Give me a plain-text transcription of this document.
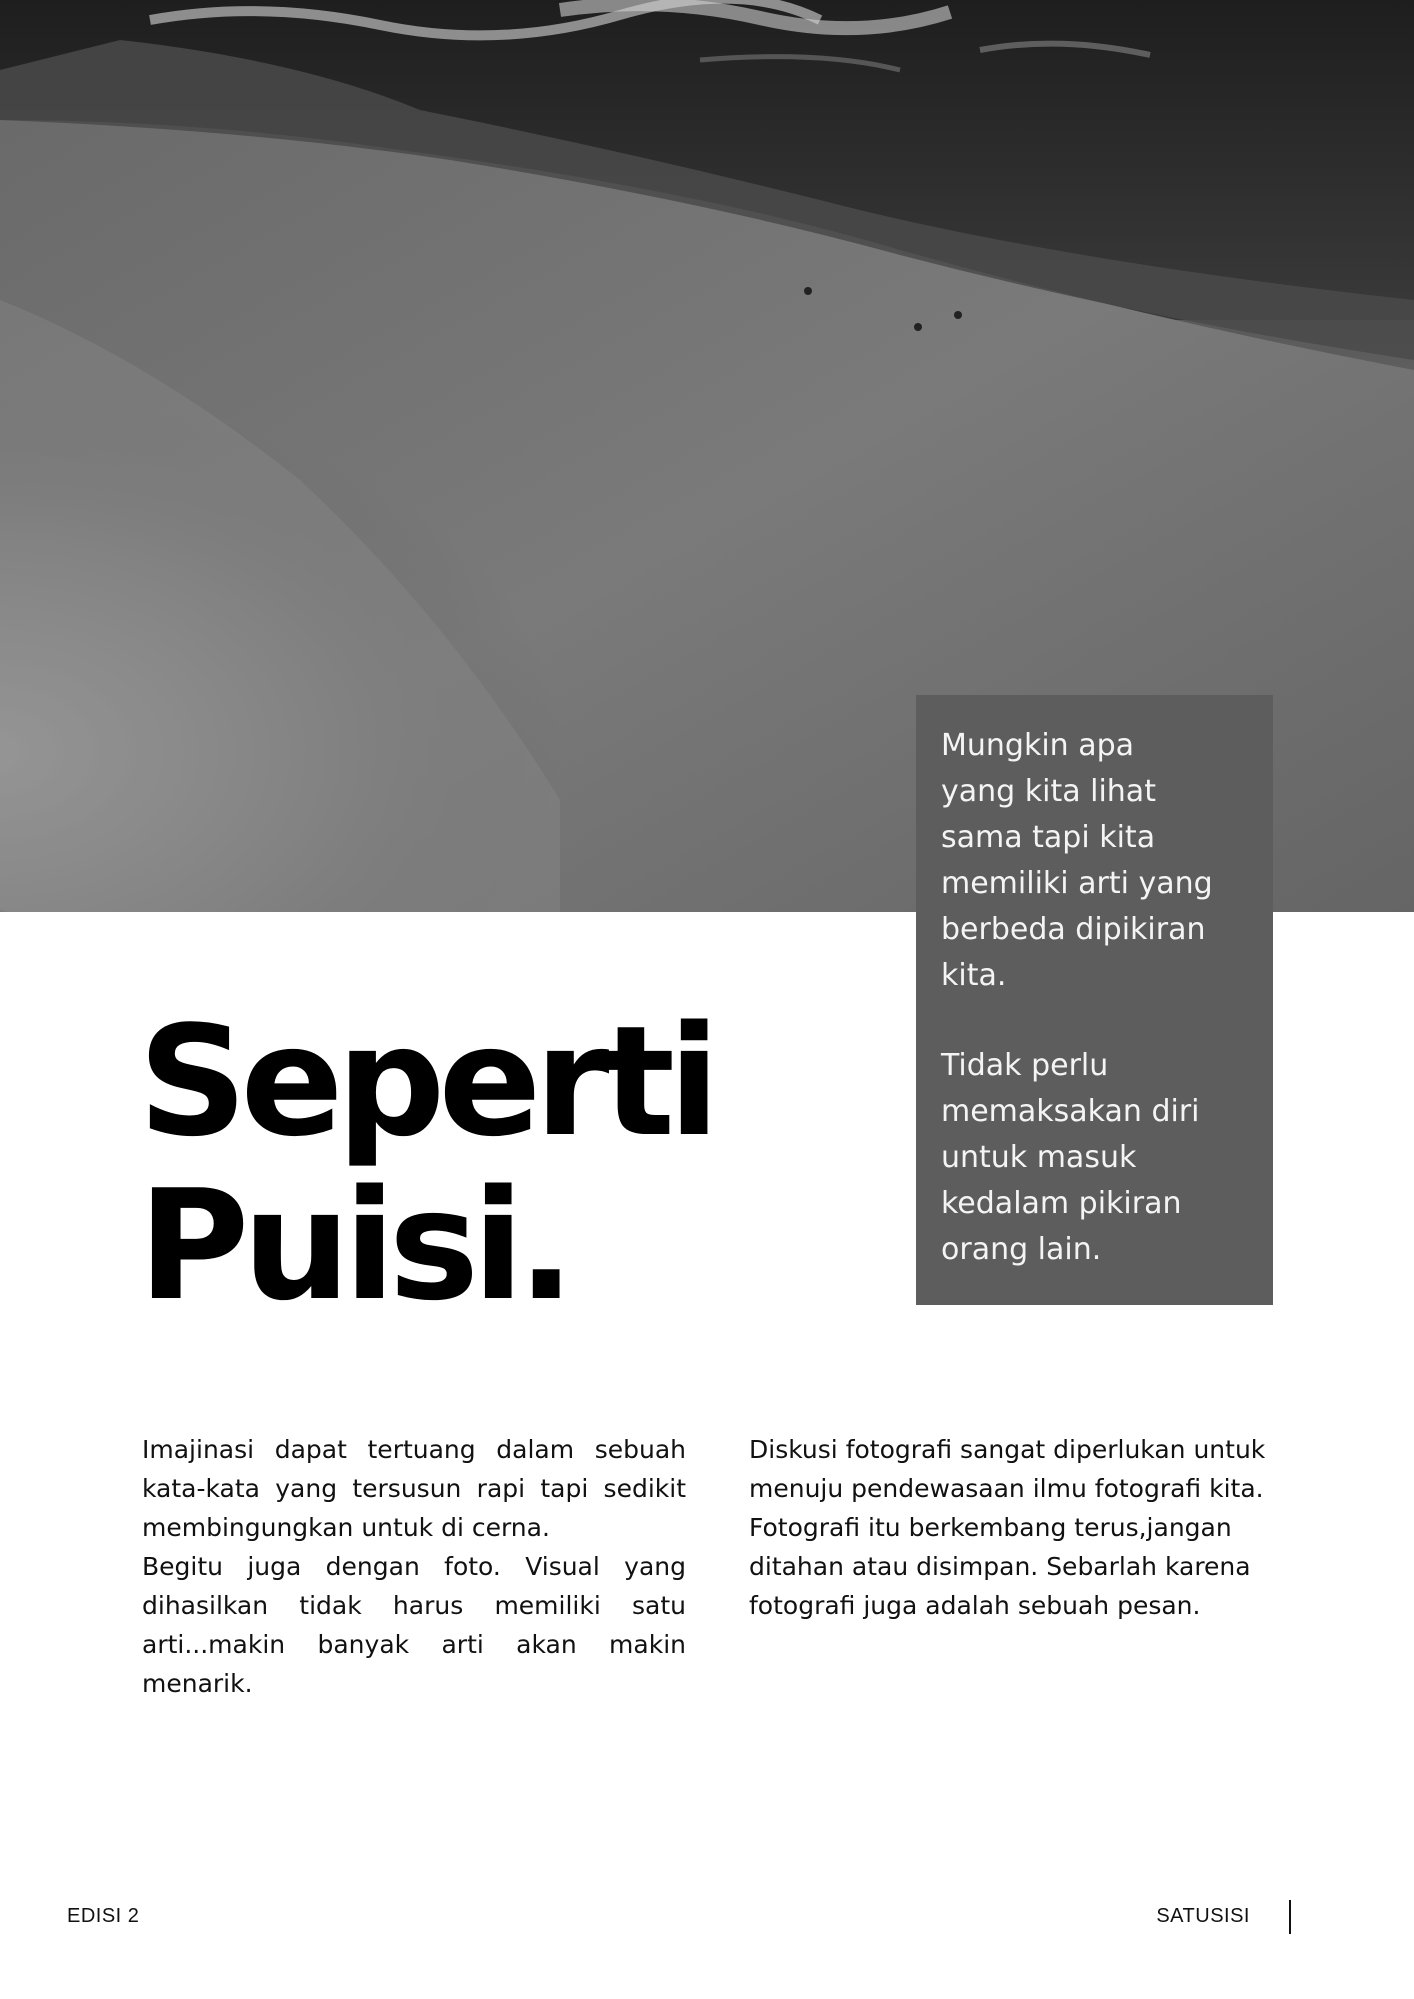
Mungkin apa
yang kita lihat
sama tapi kita
memiliki arti yang
berbeda dipikiran
kita.

Tidak perlu
memaksakan diri
untuk masuk
kedalam pikiran
orang lain.

Seperti
Puisi.

Imajinasi dapat tertuang dalam sebuah kata-kata yang tersusun rapi tapi sedikit membingungkan untuk di cerna.

Begitu juga dengan foto. Visual yang dihasilkan tidak harus memiliki satu arti...makin banyak arti akan makin menarik.

Diskusi fotografi sangat diperlukan untuk menuju pendewasaan ilmu fotografi kita.

Fotografi itu berkembang terus,jangan ditahan atau disimpan. Sebarlah karena fotografi juga adalah sebuah pesan.

EDISI 2	SATUSISI
